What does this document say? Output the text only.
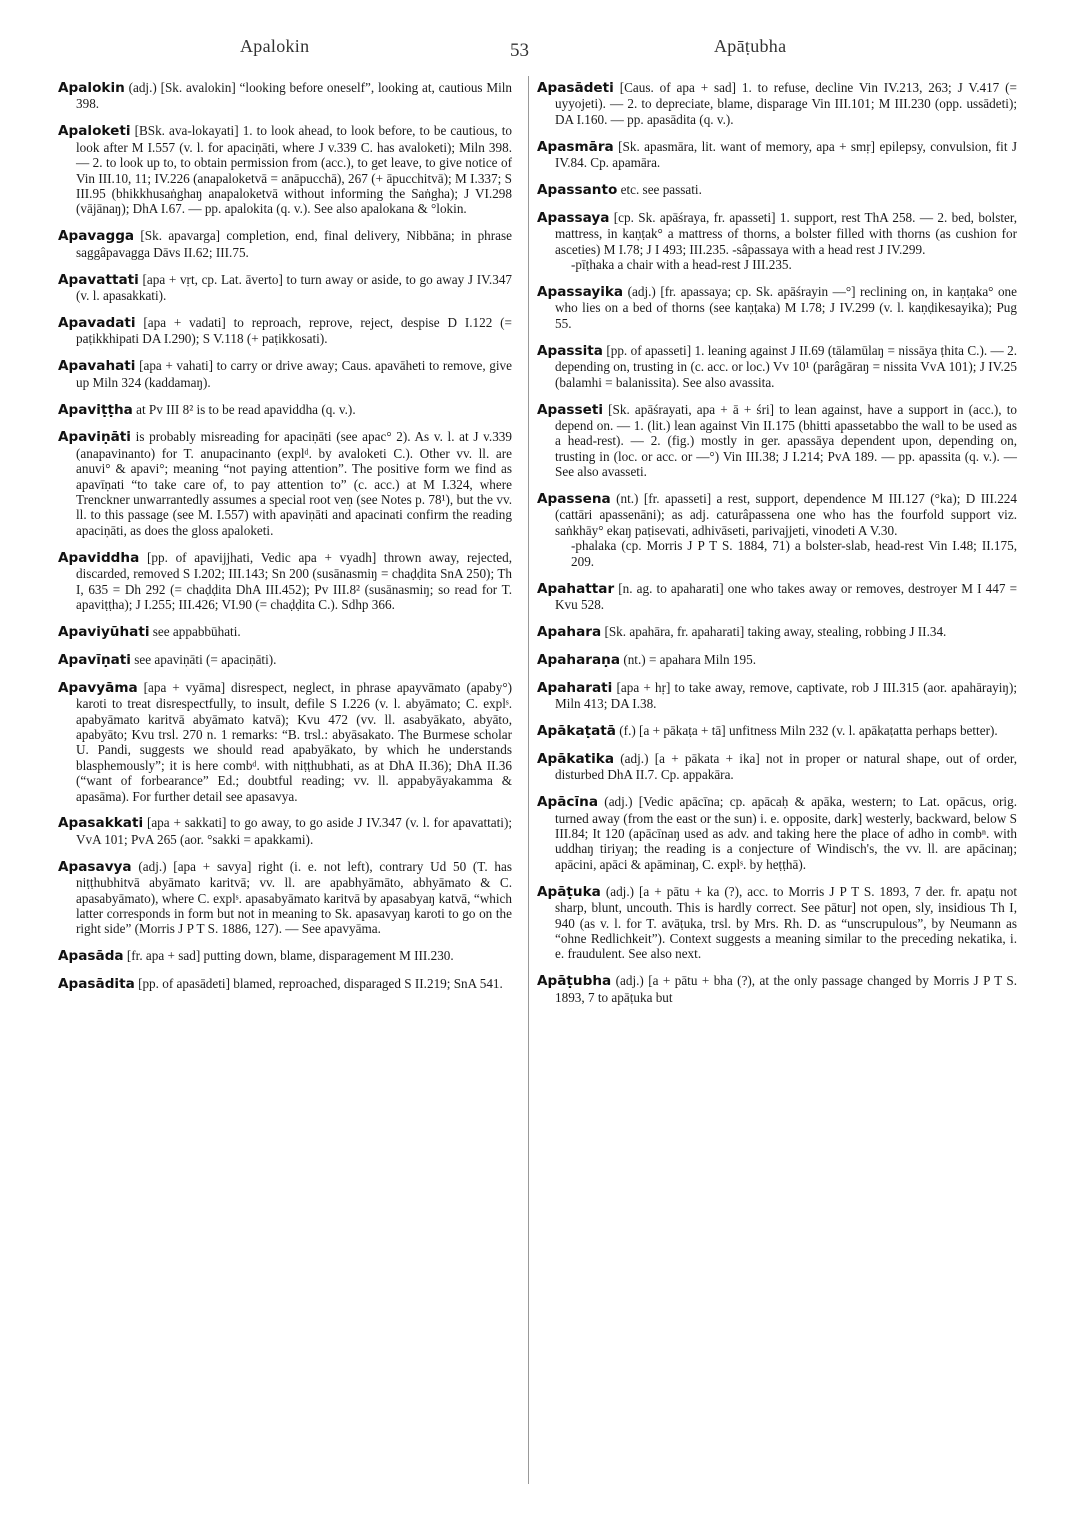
Apalokin	53	Apāṭubha

Apalokin (adj.) [Sk. avalokin] “looking before oneself”, looking at, cautious Miln 398.

Apaloketi [BSk. ava-lokayati] 1. to look ahead, to look before, to be cautious, to look after M I.557 (v. l. for apaciṇāti, where J v.339 C. has avaloketi); Miln 398. — 2. to look up to, to obtain permission from (acc.), to get leave, to give notice of Vin III.10, 11; IV.226 (anapaloketvā = anāpucchā), 267 (+ āpucchitvā); M I.337; S III.95 (bhikkhusaṅghaŋ anapaloketvā without informing the Saṅgha); J VI.298 (vājānaŋ); DhA I.67. — pp. apalokita (q. v.). See also apalokana & °lokin.

Apavagga [Sk. apavarga] completion, end, final delivery, Nibbāna; in phrase saggâpavagga Dāvs II.62; III.75.

Apavattati [apa + vṛt, cp. Lat. āverto] to turn away or aside, to go away J IV.347 (v. l. apasakkati).

Apavadati [apa + vadati] to reproach, reprove, reject, despise D I.122 (= paṭikkhipati DA I.290); S V.118 (+ paṭikkosati).

Apavahati [apa + vahati] to carry or drive away; Caus. apavāheti to remove, give up Miln 324 (kaddamaŋ).

Apaviṭṭha at Pv III 8² is to be read apaviddha (q. v.).

Apaviṇāti is probably misreading for apaciṇāti (see apac° 2). As v. l. at J v.339 (anapavinanto) for T. anupacinanto (explᵈ. by avaloketi C.). Other vv. ll. are anuvi° & apavi°; meaning “not paying attention”. The positive form we find as apavīṇati “to take care of, to pay attention to” (c. acc.) at M I.324, where Trenckner unwarrantedly assumes a special root veṇ (see Notes p. 78¹), but the vv. ll. to this passage (see M. I.557) with apaviṇāti and apacinati confirm the reading apaciṇāti, as does the gloss apaloketi.

Apaviddha [pp. of apavijjhati, Vedic apa + vyadh] thrown away, rejected, discarded, removed S I.202; III.143; Sn 200 (susānasmiŋ = chaḍḍita SnA 250); Th I, 635 = Dh 292 (= chaḍḍita DhA III.452); Pv III.8² (susānasmiŋ; so read for T. apaviṭṭha); J I.255; III.426; VI.90 (= chaḍḍita C.). Sdhp 366.

Apaviyūhati see appabbūhati.

Apavīṇati see apaviṇāti (= apaciṇāti).

Apavyāma [apa + vyāma] disrespect, neglect, in phrase apayvāmato (apaby°) karoti to treat disrespectfully, to insult, defile S I.226 (v. l. abyāmato; C. explˢ. apabyāmato karitvā abyāmato katvā); Kvu 472 (vv. ll. asabyākato, abyāto, apabyāto; Kvu trsl. 270 n. 1 remarks: “B. trsl.: abyāsakato. The Burmese scholar U. Pandi, suggests we should read apabyākato, by which he understands blasphemously”; it is here combᵈ. with niṭṭhubhati, as at DhA II.36); DhA II.36 (“want of forbearance” Ed.; doubtful reading; vv. ll. appabyāyakamma & apasāma). For further detail see apasavya.

Apasakkati [apa + sakkati] to go away, to go aside J IV.347 (v. l. for apavattati); VvA 101; PvA 265 (aor. °sakki = apakkami).

Apasavya (adj.) [apa + savya] right (i. e. not left), contrary Ud 50 (T. has niṭṭhubhitvā abyāmato karitvā; vv. ll. are apabhyāmāto, abhyāmato & C. apasabyāmato), where C. explˢ. apasabyāmato karitvā by apasabyaŋ katvā, “which latter corresponds in form but not in meaning to Sk. apasavyaŋ karoti to go on the right side” (Morris J P T S. 1886, 127). — See apavyāma.

Apasāda [fr. apa + sad] putting down, blame, disparagement M III.230.

Apasādita [pp. of apasādeti] blamed, reproached, disparaged S II.219; SnA 541.

Apasādeti [Caus. of apa + sad] 1. to refuse, decline Vin IV.213, 263; J V.417 (= uyyojeti). — 2. to depreciate, blame, disparage Vin III.101; M III.230 (opp. ussādeti); DA I.160. — pp. apasādita (q. v.).

Apasmāra [Sk. apasmāra, lit. want of memory, apa + smṛ] epilepsy, convulsion, fit J IV.84. Cp. apamāra.

Apassanto etc. see passati.

Apassaya [cp. Sk. apāśraya, fr. apasseti] 1. support, rest ThA 258. — 2. bed, bolster, mattress, in kaṇṭak° a mattress of thorns, a bolster filled with thorns (as cushion for asceties) M I.78; J I 493; III.235. -sâpassaya with a head rest J IV.299.
-pīṭhaka a chair with a head-rest J III.235.

Apassayika (adj.) [fr. apassaya; cp. Sk. apāśrayin —°] reclining on, in kaṇṭaka° one who lies on a bed of thorns (see kaṇṭaka) M I.78; J IV.299 (v. l. kaṇḍikesayika); Pug 55.

Apassita [pp. of apasseti] 1. leaning against J II.69 (tālamūlaŋ = nissāya ṭhita C.). — 2. depending on, trusting in (c. acc. or loc.) Vv 10¹ (parâgāraŋ = nissita VvA 101); J IV.25 (balamhi = balanissita). See also avassita.

Apasseti [Sk. apāśrayati, apa + ā + śri] to lean against, have a support in (acc.), to depend on. — 1. (lit.) lean against Vin II.175 (bhitti apassetabbo the wall to be used as a head-rest). — 2. (fig.) mostly in ger. apassāya dependent upon, depending on, trusting in (loc. or acc. or —°) Vin III.38; J I.214; PvA 189. — pp. apassita (q. v.). — See also avasseti.

Apassena (nt.) [fr. apasseti] a rest, support, dependence M III.127 (°ka); D III.224 (cattāri apassenāni); as adj. caturâpassena one who has the fourfold support viz. saṅkhāy° ekaŋ paṭisevati, adhivāseti, parivajjeti, vinodeti A V.30.
-phalaka (cp. Morris J P T S. 1884, 71) a bolster-slab, head-rest Vin I.48; II.175, 209.

Apahattar [n. ag. to apaharati] one who takes away or removes, destroyer M I 447 = Kvu 528.

Apahara [Sk. apahāra, fr. apaharati] taking away, stealing, robbing J II.34.

Apaharaṇa (nt.) = apahara Miln 195.

Apaharati [apa + hṛ] to take away, remove, captivate, rob J III.315 (aor. apahārayiŋ); Miln 413; DA I.38.

Apākaṭatā (f.) [a + pākaṭa + tā] unfitness Miln 232 (v. l. apākaṭatta perhaps better).

Apākatika (adj.) [a + pākata + ika] not in proper or natural shape, out of order, disturbed DhA II.7. Cp. appakāra.

Apācīna (adj.) [Vedic apācīna; cp. apācaḥ & apāka, western; to Lat. opācus, orig. turned away (from the east or the sun) i. e. opposite, dark] westerly, backward, below S III.84; It 120 (apācīnaŋ used as adv. and taking here the place of adho in combⁿ. with uddhaŋ tiriyaŋ; the reading is a conjecture of Windisch's, the vv. ll. are apācinaŋ; apācini, apāci & apāminaŋ, C. explˢ. by heṭṭhā).

Apāṭuka (adj.) [a + pātu + ka (?), acc. to Morris J P T S. 1893, 7 der. fr. apaṭu not sharp, blunt, uncouth. This is hardly correct. See pātur] not open, sly, insidious Th I, 940 (as v. l. for T. avāṭuka, trsl. by Mrs. Rh. D. as “unscrupulous”, by Neumann as “ohne Redlichkeit”). Context suggests a meaning similar to the preceding nekatika, i. e. fraudulent. See also next.

Apāṭubha (adj.) [a + pātu + bha (?), at the only passage changed by Morris J P T S. 1893, 7 to apāṭuka but
